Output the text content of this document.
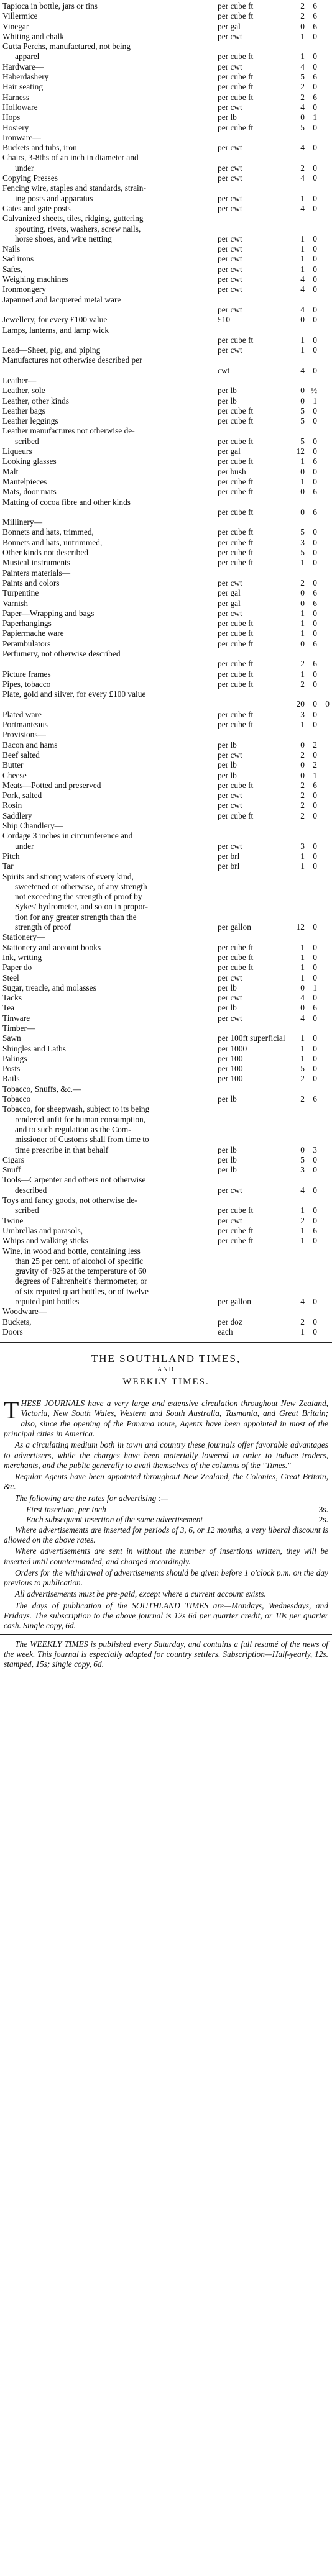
Tapioca in bottle, jars or tins	per cube ft	2 6
Villermice	per cube ft	2 6
Vinegar	per gal	0 6
Whiting and chalk	per cwt	1 0
Gutta Perchs, manufactured, not being
apparel	per cube ft	1 0
Hardware—	per cwt	4 0
Haberdashery	per cube ft	5 6
Hair seating	per cube ft	2 0
Harness	per cube ft	2 6
Holloware	per cwt	4 0
Hops	per lb	0 1
Hosiery	per cube ft	5 0
Ironware—
Buckets and tubs, iron	per cwt	4 0
Chairs, 3-8ths of an inch in diameter and
under	per cwt	2 0
Copying Presses	per cwt	4 0
Fencing wire, staples and standards, strain-
ing posts and apparatus	per cwt	1 0
Gates and gate posts	per cwt	4 0
Galvanized sheets, tiles, ridging, guttering
spouting, rivets, washers, screw nails,
horse shoes, and wire netting	per cwt	1 0
Nails	per cwt	1 0
Sad irons	per cwt	1 0
Safes,	per cwt	1 0
Weighing machines	per cwt	4 0
Ironmongery	per cwt	4 0
Japanned and lacquered metal ware
per cwt	4 0
Jewellery, for every £100 value	£10	0 0
Lamps, lanterns, and lamp wick
per cube ft	1 0
Lead—Sheet, pig, and piping	per cwt	1 0
Manufactures not otherwise described per
cwt	4 0
Leather—
Leather, sole	per lb	0 ½
Leather, other kinds	per lb	0 1
Leather bags	per cube ft	5 0
Leather leggings	per cube ft	5 0
Leather manufactures not otherwise de-
scribed	per cube ft	5 0
Liqueurs	per gal	12 0
Looking glasses	per cube ft	1 6
Malt	per bush	0 0
Mantelpieces	per cube ft	1 0
Mats, door mats	per cube ft	0 6
Matting of cocoa fibre and other kinds
per cube ft	0 6
Millinery—
Bonnets and hats, trimmed,	per cube ft	5 0
Bonnets and hats, untrimmed,	per cube ft	3 0
Other kinds not described	per cube ft	5 0
Musical instruments	per cube ft	1 0
Painters materials—
Paints and colors	per cwt	2 0
Turpentine	per gal	0 6
Varnish	per gal	0 6
Paper—Wrapping and bags	per cwt	1 0
Paperhangings	per cube ft	1 0
Papiermache ware	per cube ft	1 0
Perambulators	per cube ft	0 6
Perfumery, not otherwise described
per cube ft	2 6
Picture frames	per cube ft	1 0
Pipes, tobacco	per cube ft	2 0
Plate, gold and silver, for every £100 value
20 0 0
Plated ware	per cube ft	3 0
Portmanteaus	per cube ft	1 0
Provisions—
Bacon and hams	per lb	0 2
Beef salted	per cwt	2 0
Butter	per lb	0 2
Cheese	per lb	0 1
Meats—Potted and preserved	per cube ft	2 6
Pork, salted	per cwt	2 0
Rosin	per cwt	2 0
Saddlery	per cube ft	2 0
Ship Chandlery—
Cordage 3 inches in circumference and
under	per cwt	3 0
Pitch	per brl	1 0
Tar	per brl	1 0
Spirits and strong waters of every kind,
sweetened or otherwise, of any strength
not exceeding the strength of proof by
Sykes' hydrometer, and so on in propor-
tion for any greater strength than the
strength of proof	per gallon	12 0
Stationery—
Stationery and account books	per cube ft	1 0
Ink, writing	per cube ft	1 0
Paper do	per cube ft	1 0
Steel	per cwt	1 0
Sugar, treacle, and molasses	per lb	0 1
Tacks	per cwt	4 0
Tea	per lb	0 6
Tinware	per cwt	4 0
Timber—
Sawn	per 100ft superficial	1 0
Shingles and Laths	per 1000	1 0
Palings	per 100	1 0
Posts	per 100	5 0
Rails	per 100	2 0
Tobacco, Snuffs, &c.—
Tobacco	per lb	2 6
Tobacco, for sheepwash, subject to its being
rendered unfit for human consumption,
and to such regulation as the Com-
missioner of Customs shall from time to
time prescribe in that behalf	per lb	0 3
Cigars	per lb	5 0
Snuff	per lb	3 0
Tools—Carpenter and others not otherwise
described	per cwt	4 0
Toys and fancy goods, not otherwise de-
scribed	per cube ft	1 0
Twine	per cwt	2 0
Umbrellas and parasols,	per cube ft	1 6
Whips and walking sticks	per cube ft	1 0
Wine, in wood and bottle, containing less
than 25 per cent. of alcohol of specific
gravity of ·825 at the temperature of 60
degrees of Fahrenheit's thermometer, or
of six reputed quart bottles, or of twelve
reputed pint bottles	per gallon	4 0
Woodware—
Buckets,	per doz	2 0
Doors	each	1 0
THE SOUTHLAND TIMES,
AND
WEEKLY TIMES.

THESE JOURNALS have a very large and extensive circulation throughout New Zealand, Victoria, New South Wales, Western and South Australia, Tasmania, and Great Britain; also, since the opening of the Panama route, Agents have been appointed in most of the principal cities in America.

As a circulating medium both in town and country these journals offer favorable advantages to advertisers, while the charges have been materially lowered in order to induce traders, merchants, and the public generally to avail themselves of the columns of the "Times."

Regular Agents have been appointed throughout New Zealand, the Colonies, Great Britain, &c.

The following are the rates for advertising :—

First insertion, per Inch	3s.
Each subsequent insertion of the same advertisement	2s.

Where advertisements are inserted for periods of 3, 6, or 12 months, a very liberal discount is allowed on the above rates.

Where advertisements are sent in without the number of insertions written, they will be inserted until countermanded, and charged accordingly.

Orders for the withdrawal of advertisements should be given before 1 o'clock p.m. on the day previous to publication.

All advertisements must be pre-paid, except where a current account exists.

The days of publication of the SOUTHLAND TIMES are—Mondays, Wednesdays, and Fridays. The subscription to the above journal is 12s 6d per quarter credit, or 10s per quarter cash. Single copy, 6d.

The WEEKLY TIMES is published every Saturday, and contains a full resumé of the news of the week. This journal is especially adapted for country settlers. Subscription—Half-yearly, 12s. stamped, 15s; single copy, 6d.
